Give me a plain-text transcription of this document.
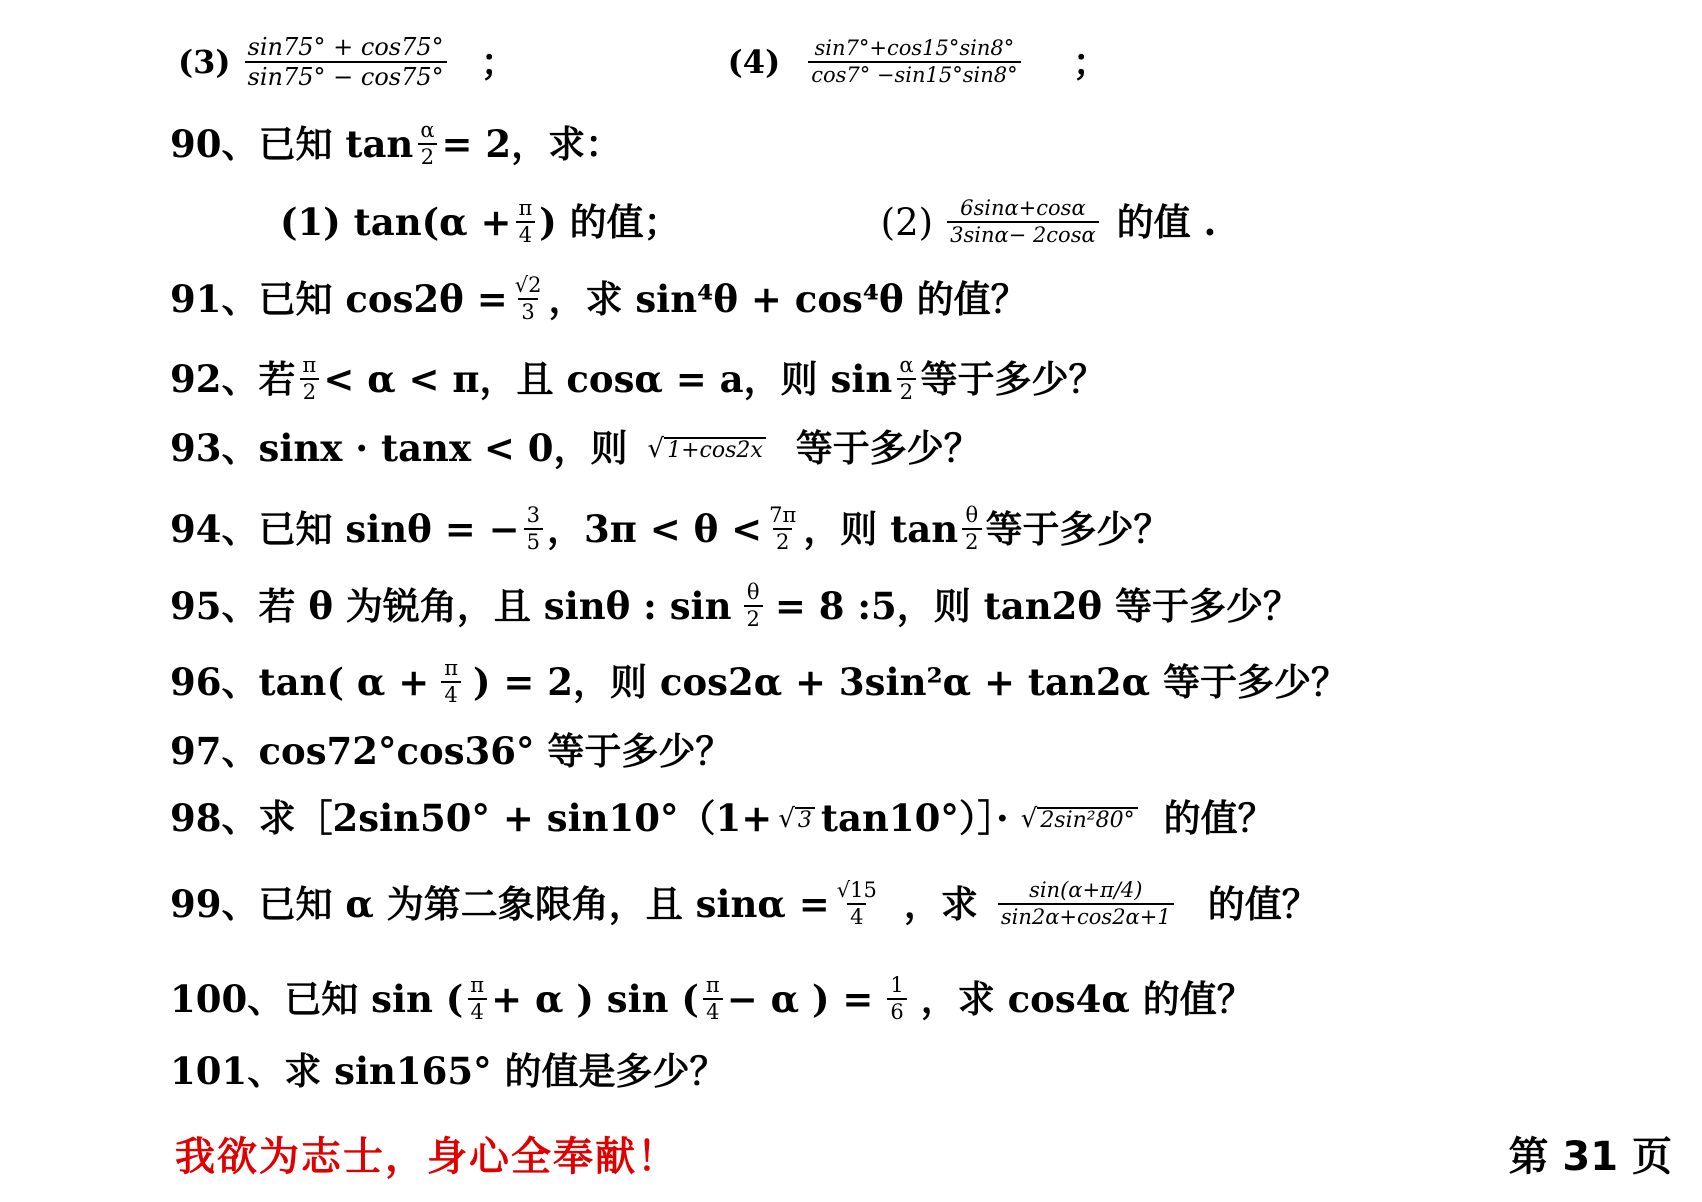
$(3) \frac{\sin 75^\circ + \cos 75^\circ}{\sin 75^\circ - \cos 75^\circ}$ ；	$(4) \frac{\sin 7^\circ+\cos 15^\circ\sin 8^\circ}{\cos 7^\circ -\sin 15^\circ\sin 8^\circ}$ ；
90、已知 $\tan \frac{\alpha}{2} = 2$，求：
(1) $\tan(\alpha + \frac{\pi}{4}$ ) 的值；	$(2) \frac{6\sin\alpha+\cos\alpha}{3\sin\alpha- 2\cos\alpha}$ 的值 .
91、已知 $\cos 2\theta = \frac{√2}{3}$ ，求 sin⁴θ + cos⁴θ 的值？
92、若 $\frac{\pi}{2} < \alpha < \pi$，且 cosα = a，则 $\sin \frac{\alpha}{2}$ 等于多少？
93、sinx · tanx < 0，则 √ 1+cos2x 等于多少？
94、已知 sinθ = − $\frac{3}{5}$ ，$3\pi < \theta < \frac{7\pi}{2}$ ，则 $\tan \frac{\theta}{2}$ 等于多少？
95、若 θ 为锐角，且 sinθ : $\sin \frac{\theta}{2} = 8$ :5，则 tan2θ 等于多少？
96、tan( $\alpha + \frac{\pi}{4}$ ) = 2，则 cos2α + 3sin²α + tan2α 等于多少？
97、cos72°cos36° 等于多少？
98、求［2sin50° + sin10°（1+ √ 3 tan10°）］· √ 2sin²80° 的值？
99、已知 α 为第二象限角，且 $\sin\alpha = \frac{√15}{4}$ ，求 $\frac{\sin(\alpha+\pi/4)}{\sin 2\alpha+\cos 2\alpha+1}$ 的值？
100、已知 sin ( $\frac{\pi}{4} + \alpha$ ) sin ( $\frac{\pi}{4} - \alpha$ ) = $\frac{1}{6}$ ，求 cos4α 的值？
101、求 sin165° 的值是多少？
我欲为志士，身心全奉献！	第 31 页
